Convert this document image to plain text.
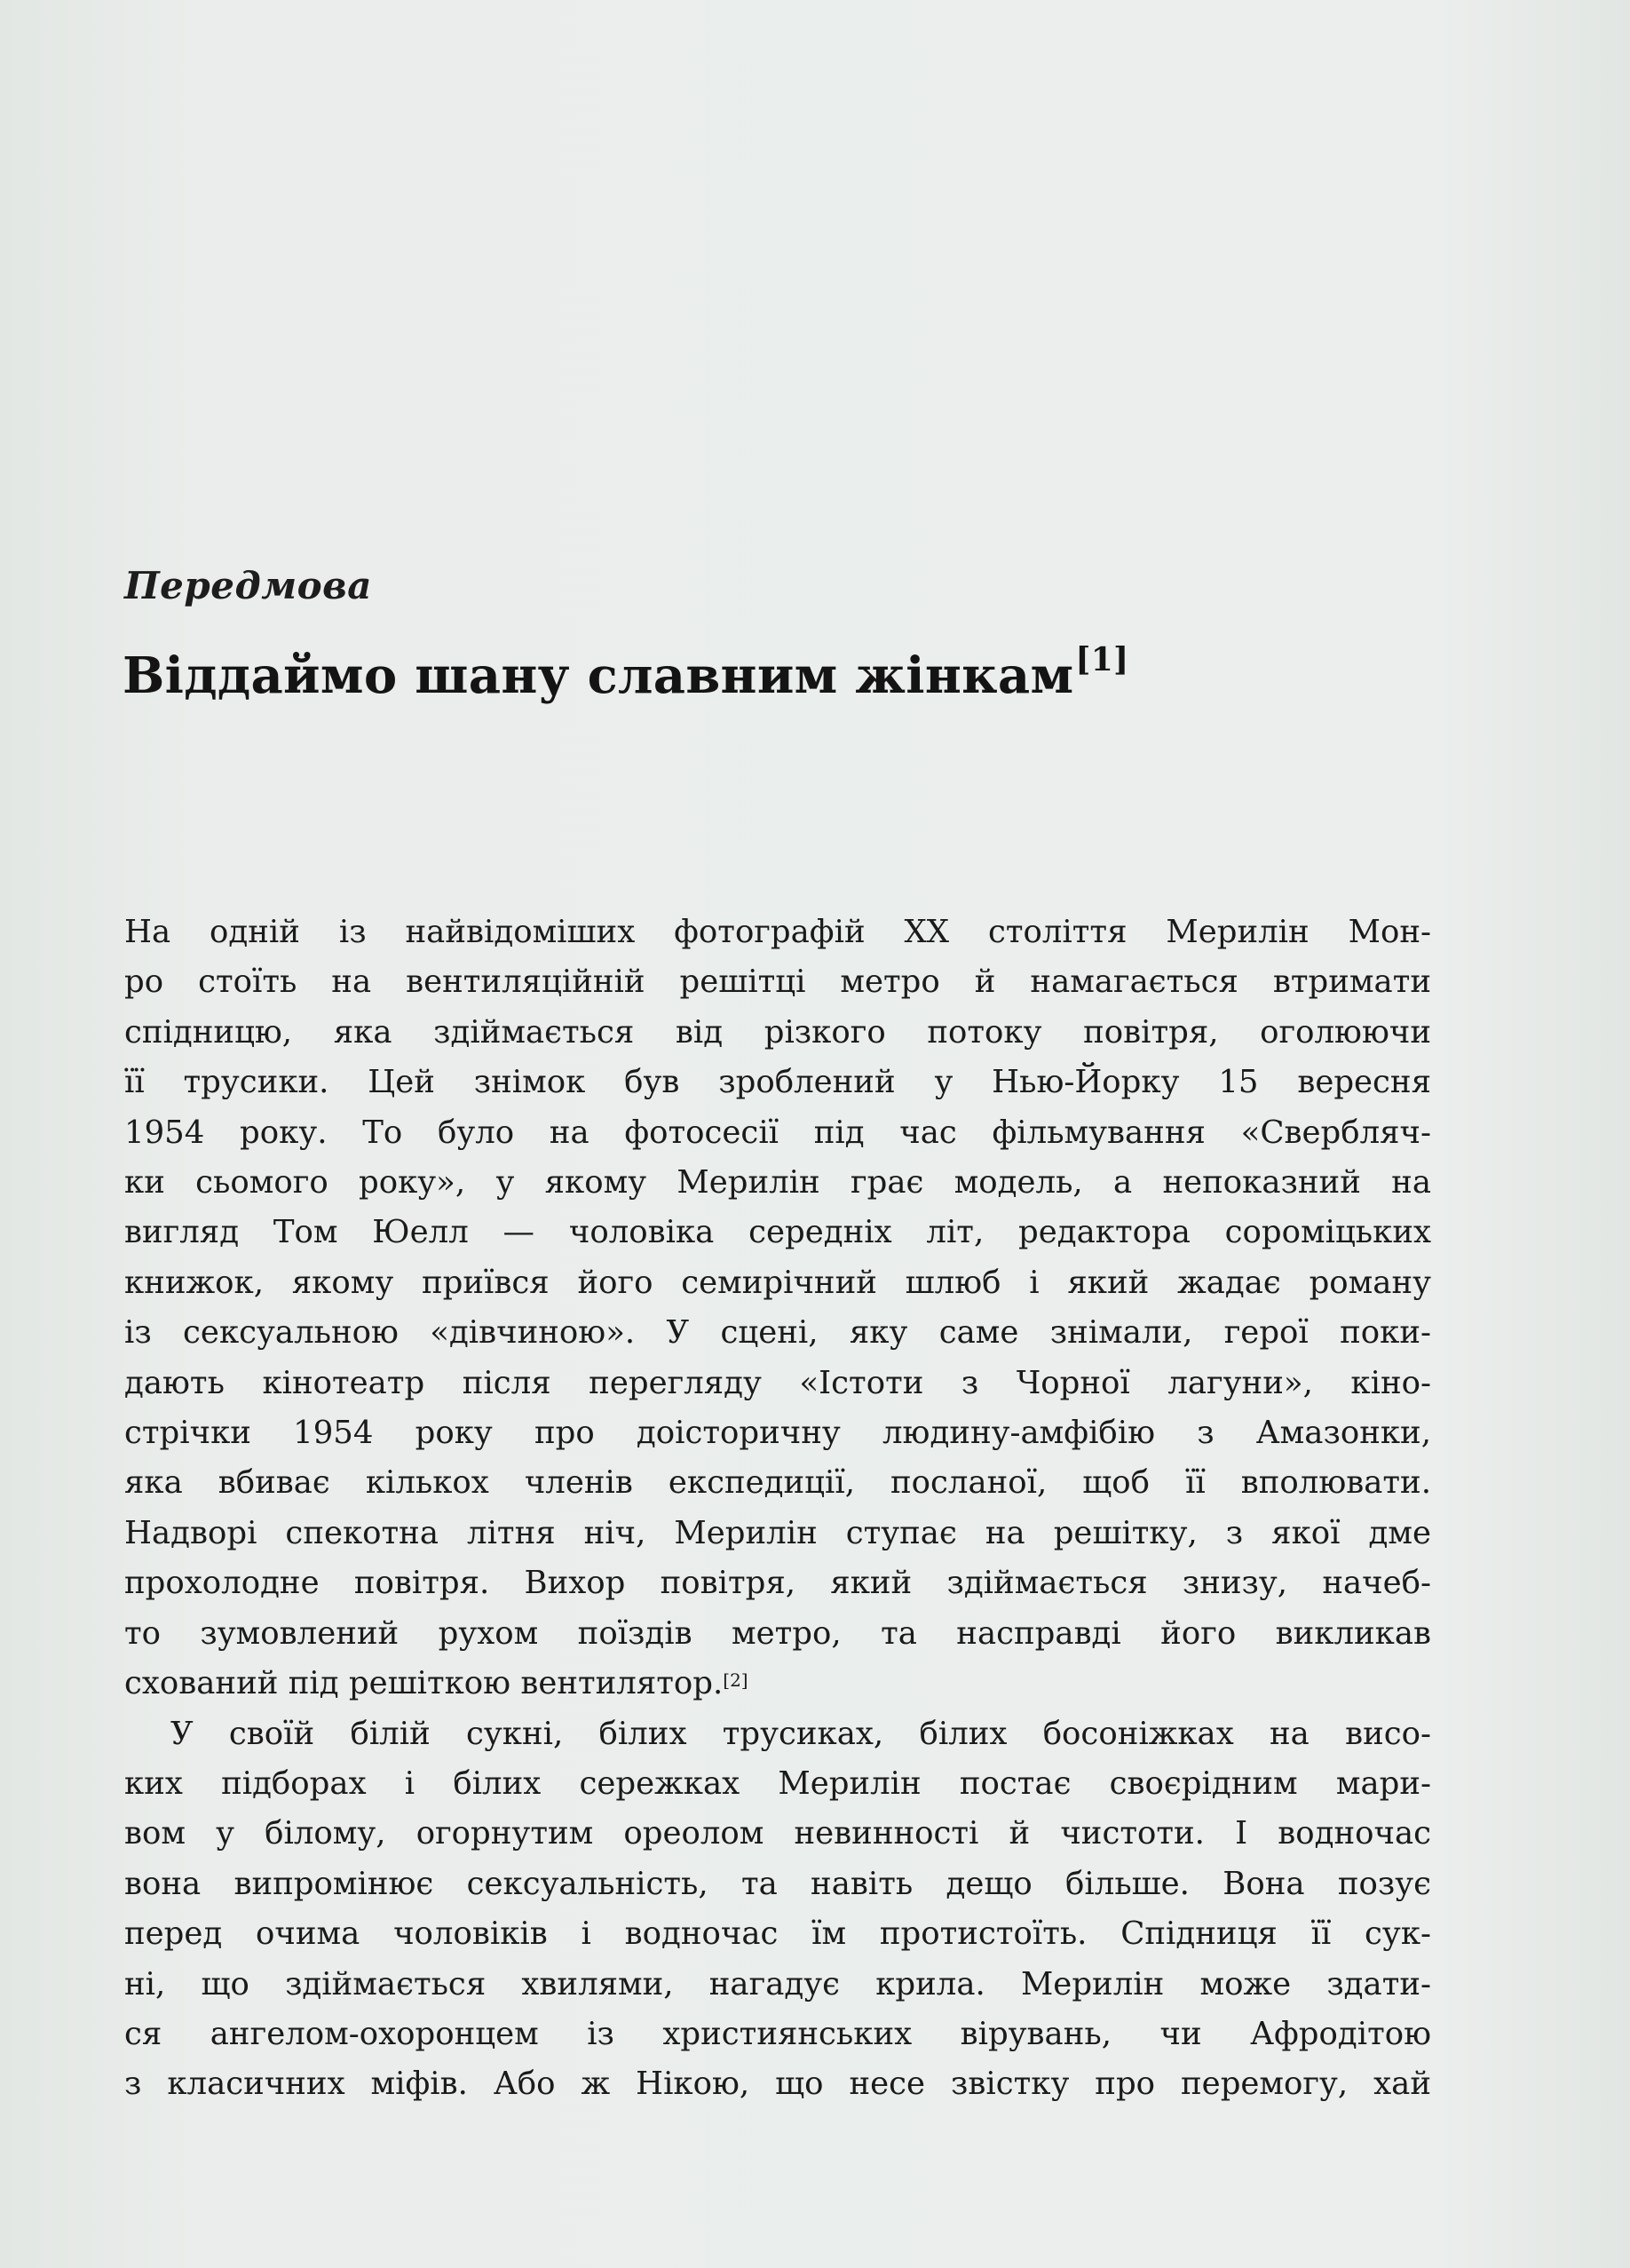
Передмова
Віддаймо шану славним жінкам[1]

На одній із найвідоміших фотографій XX століття Мерилін Мон-
ро стоїть на вентиляційній решітці метро й намагається втримати
спідницю, яка здіймається від різкого потоку повітря, оголюючи
її трусики. Цей знімок був зроблений у Нью-Йорку 15 вересня
1954 року. То було на фотосесії під час фільмування «Свербляч-
ки сьомого року», у якому Мерилін грає модель, а непоказний на
вигляд Том Юелл — чоловіка середніх літ, редактора сороміцьких
книжок, якому приївся його семирічний шлюб і який жадає роману
із сексуальною «дівчиною». У сцені, яку саме знімали, герої поки-
дають кінотеатр після перегляду «Істоти з Чорної лагуни», кіно-
стрічки 1954 року про доісторичну людину-амфібію з Амазонки,
яка вбиває кількох членів експедиції, посланої, щоб її вполювати.
Надворі спекотна літня ніч, Мерилін ступає на решітку, з якої дме
прохолодне повітря. Вихор повітря, який здіймається знизу, начеб-
то зумовлений рухом поїздів метро, та насправді його викликав
схований під решіткою вентилятор.[2]

У своїй білій сукні, білих трусиках, білих босоніжках на висо-
ких підборах і білих сережках Мерилін постає своєрідним мари-
вом у білому, огорнутим ореолом невинності й чистоти. І водночас
вона випромінює сексуальність, та навіть дещо більше. Вона позує
перед очима чоловіків і водночас їм протистоїть. Спідниця її сук-
ні, що здіймається хвилями, нагадує крила. Мерилін може здати-
ся ангелом-охоронцем із християнських вірувань, чи Афродітою
з класичних міфів. Або ж Нікою, що несе звістку про перемогу, хай
